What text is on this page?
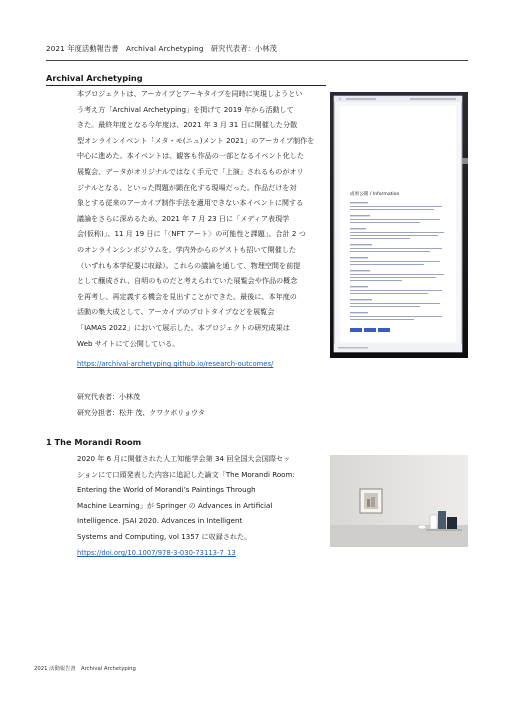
2021 年度活動報告書　Archival Archetyping　研究代表者：小林茂
Archival Archetyping
本プロジェクトは、アーカイブとアーキタイプを同時に実現しようとい
う考え方「Archival Archetyping」を掲げて 2019 年から活動して
きた。最終年度となる今年度は、2021 年 3 月 31 日に開催した分散
型オンラインイベント「メタ・モ(ニュ)メント 2021」のアーカイブ制作を
中心に進めた。本イベントは、観客も作品の一部となるイベント化した
展覧会、データがオリジナルではなく手元で「上演」されるものがオリ
ジナルとなる、といった問題が顕在化する現場だった。作品だけを対
象とする従来のアーカイブ制作手法を適用できない本イベントに関する
議論をさらに深めるため、2021 年 7 月 23 日に「メディア表現学
会(仮称)」、11 月 19 日に「〈NFT アート〉の可能性と課題」、合計 2 つ
のオンラインシンポジウムを、学内外からのゲストも招いて開催した
（いずれも本学紀要に収録）。これらの議論を通して、物理空間を前提
として醸成され、自明のものだと考えられていた展覧会や作品の概念
を再考し、再定義する機会を見出すことができた。最後に、本年度の
活動の集大成として、アーカイブのプロトタイプなどを展覧会
「IAMAS 2022」において展示した。本プロジェクトの研究成果は
Web サイトにて公開している。
https://archival-archetyping.github.io/research-outcomes/
研究代表者：小林茂
研究分担者：松井 茂、クワクボリョウタ
成果公開 / Information
1 The Morandi Room
2020 年 6 月に開催された人工知能学会第 34 回全国大会国際セッ
ションにて口頭発表した内容に追記した論文「The Morandi Room:
Entering the World of Morandi’s Paintings Through
Machine Learning」が Springer の Advances in Artificial
Intelligence. JSAI 2020. Advances in Intelligent
Systems and Computing, vol 1357 に収録された。
https://doi.org/10.1007/978-3-030-73113-7_13
2021 活動報告書　Archival Archetyping
